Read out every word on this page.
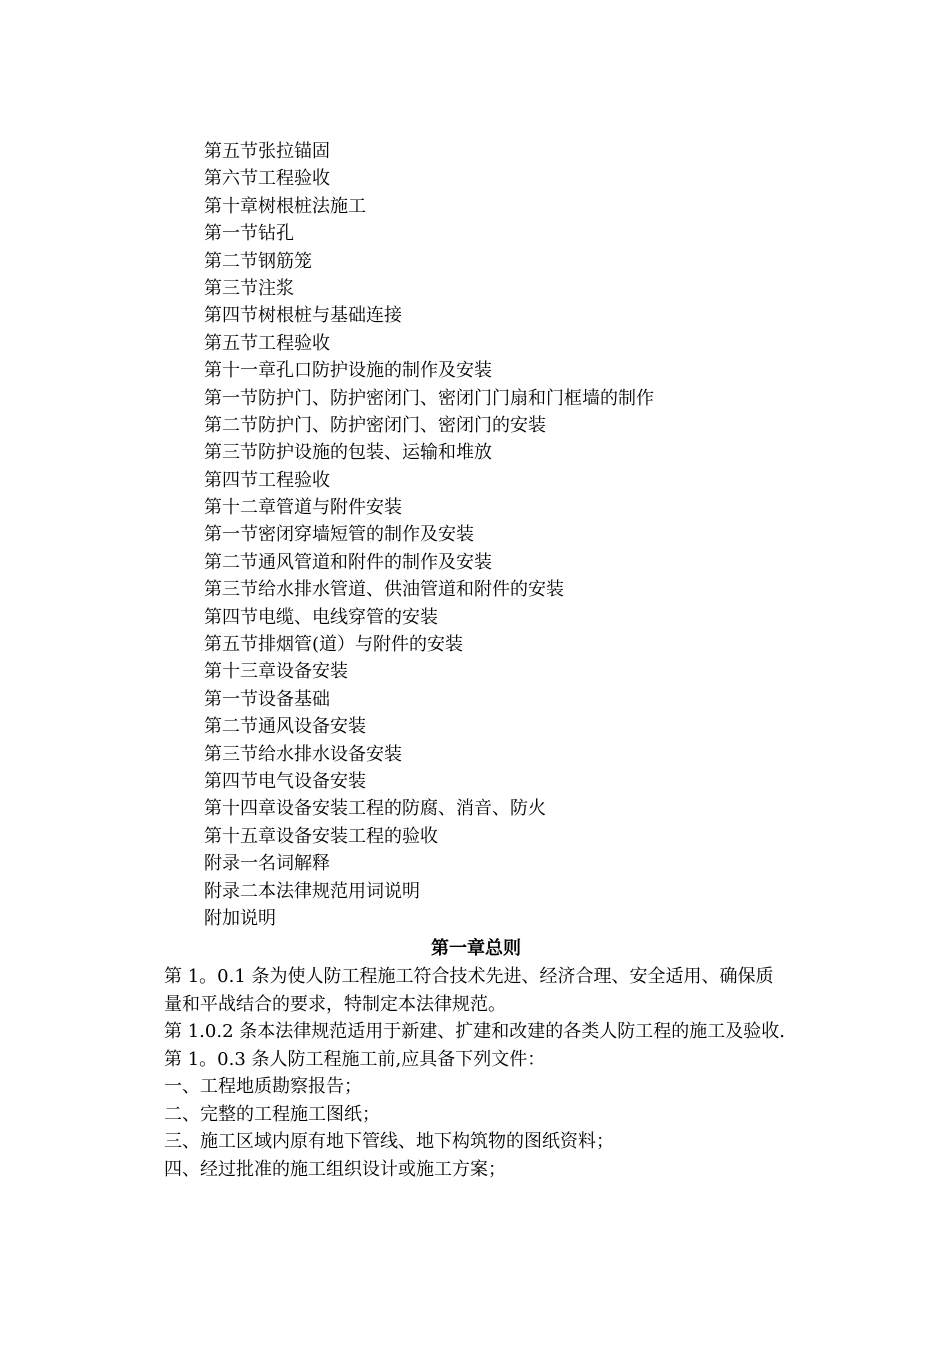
第五节张拉锚固
第六节工程验收
第十章树根桩法施工
第一节钻孔
第二节钢筋笼
第三节注浆
第四节树根桩与基础连接
第五节工程验收
第十一章孔口防护设施的制作及安装
第一节防护门、防护密闭门、密闭门门扇和门框墙的制作
第二节防护门、防护密闭门、密闭门的安装
第三节防护设施的包装、运输和堆放
第四节工程验收
第十二章管道与附件安装
第一节密闭穿墙短管的制作及安装
第二节通风管道和附件的制作及安装
第三节给水排水管道、供油管道和附件的安装
第四节电缆、电线穿管的安装
第五节排烟管(道）与附件的安装
第十三章设备安装
第一节设备基础
第二节通风设备安装
第三节给水排水设备安装
第四节电气设备安装
第十四章设备安装工程的防腐、消音、防火
第十五章设备安装工程的验收
附录一名词解释
附录二本法律规范用词说明
附加说明
第一章总则

第 1。0.1 条为使人防工程施工符合技术先进、经济合理、安全适用、确保质量和平战结合的要求，特制定本法律规范。

第 1.0.2 条本法律规范适用于新建、扩建和改建的各类人防工程的施工及验收.

第 1。0.3 条人防工程施工前,应具备下列文件：

一、工程地质勘察报告；

二、完整的工程施工图纸；

三、施工区域内原有地下管线、地下构筑物的图纸资料；

四、经过批准的施工组织设计或施工方案；
